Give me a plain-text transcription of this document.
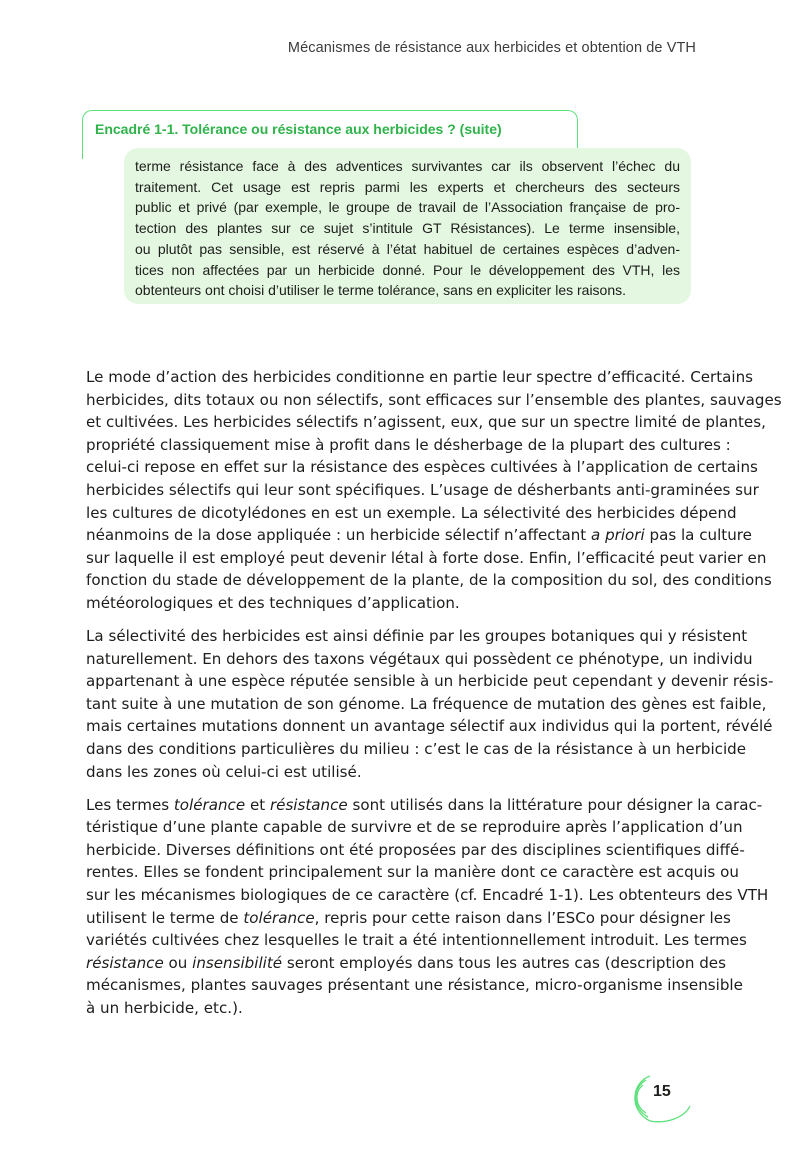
Mécanismes de résistance aux herbicides et obtention de VTH
Encadré 1-1. Tolérance ou résistance aux herbicides ? (suite)
terme résistance face à des adventices survivantes car ils observent l’échec du
traitement. Cet usage est repris parmi les experts et chercheurs des secteurs
public et privé (par exemple, le groupe de travail de l’Association française de pro-
tection des plantes sur ce sujet s’intitule GT Résistances). Le terme insensible,
ou plutôt pas sensible, est réservé à l’état habituel de certaines espèces d’adven-
tices non affectées par un herbicide donné. Pour le développement des VTH, les
obtenteurs ont choisi d’utiliser le terme tolérance, sans en expliciter les raisons.
Le mode d’action des herbicides conditionne en partie leur spectre d’efficacité. Certains
herbicides, dits totaux ou non sélectifs, sont efficaces sur l’ensemble des plantes, sauvages
et cultivées. Les herbicides sélectifs n’agissent, eux, que sur un spectre limité de plantes,
propriété classiquement mise à profit dans le désherbage de la plupart des cultures :
celui-ci repose en effet sur la résistance des espèces cultivées à l’application de certains
herbicides sélectifs qui leur sont spécifiques. L’usage de désherbants anti-graminées sur
les cultures de dicotylédones en est un exemple. La sélectivité des herbicides dépend
néanmoins de la dose appliquée : un herbicide sélectif n’affectant a priori pas la culture
sur laquelle il est employé peut devenir létal à forte dose. Enfin, l’efficacité peut varier en
fonction du stade de développement de la plante, de la composition du sol, des conditions
météorologiques et des techniques d’application.
La sélectivité des herbicides est ainsi définie par les groupes botaniques qui y résistent
naturellement. En dehors des taxons végétaux qui possèdent ce phénotype, un individu
appartenant à une espèce réputée sensible à un herbicide peut cependant y devenir résis-
tant suite à une mutation de son génome. La fréquence de mutation des gènes est faible,
mais certaines mutations donnent un avantage sélectif aux individus qui la portent, révélé
dans des conditions particulières du milieu : c’est le cas de la résistance à un herbicide
dans les zones où celui-ci est utilisé.
Les termes tolérance et résistance sont utilisés dans la littérature pour désigner la carac-
téristique d’une plante capable de survivre et de se reproduire après l’application d’un
herbicide. Diverses définitions ont été proposées par des disciplines scientifiques diffé-
rentes. Elles se fondent principalement sur la manière dont ce caractère est acquis ou
sur les mécanismes biologiques de ce caractère (cf. Encadré 1-1). Les obtenteurs des VTH
utilisent le terme de tolérance, repris pour cette raison dans l’ESCo pour désigner les
variétés cultivées chez lesquelles le trait a été intentionnellement introduit. Les termes
résistance ou insensibilité seront employés dans tous les autres cas (description des
mécanismes, plantes sauvages présentant une résistance, micro-organisme insensible
à un herbicide, etc.).
15
